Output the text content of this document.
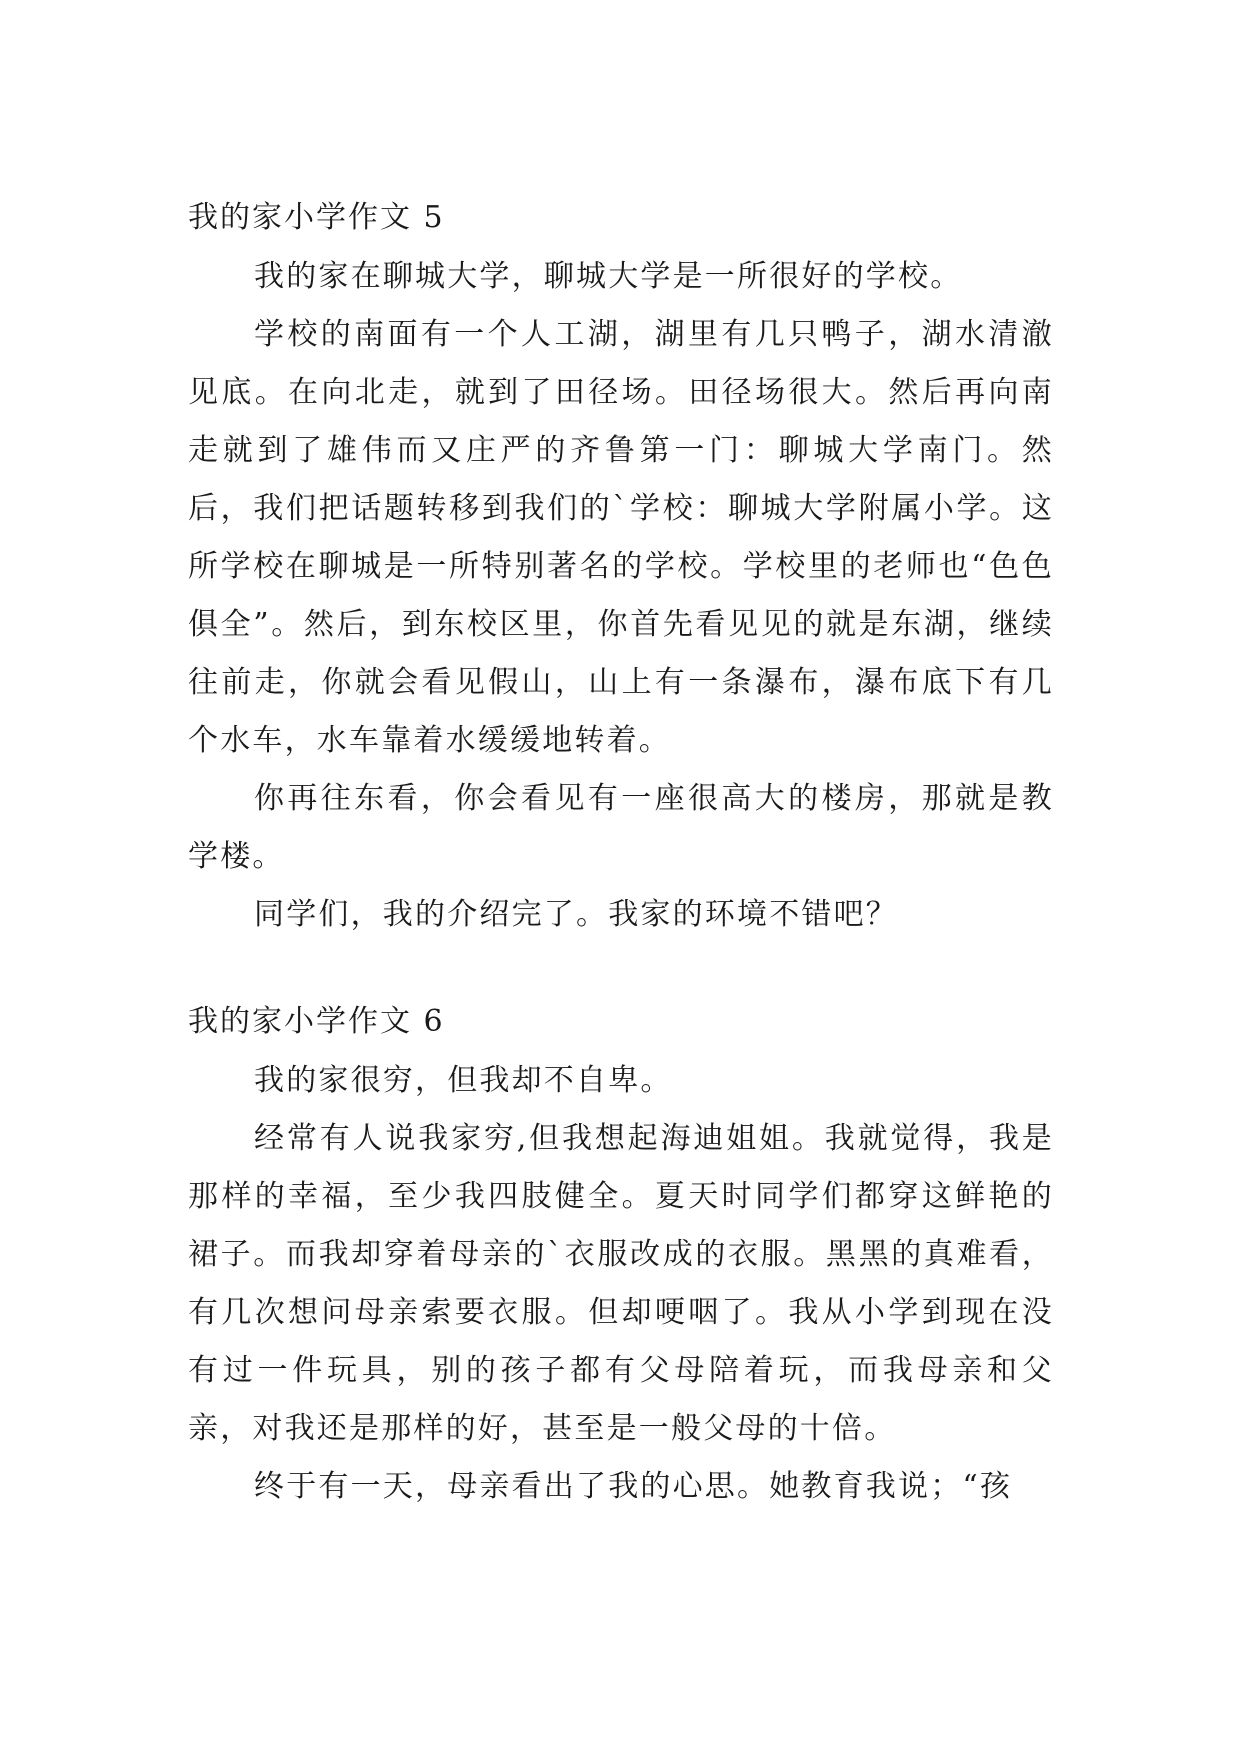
我的家小学作文 5

我的家在聊城大学，聊城大学是一所很好的学校。

学校的南面有一个人工湖，湖里有几只鸭子，湖水清澈见底。在向北走，就到了田径场。田径场很大。然后再向南走就到了雄伟而又庄严的齐鲁第一门：聊城大学南门。然后，我们把话题转移到我们的`学校：聊城大学附属小学。这所学校在聊城是一所特别著名的学校。学校里的老师也“色色俱全”。然后，到东校区里，你首先看见见的就是东湖，继续往前走，你就会看见假山，山上有一条瀑布，瀑布底下有几个水车，水车靠着水缓缓地转着。

你再往东看，你会看见有一座很高大的楼房，那就是教学楼。

同学们，我的介绍完了。我家的环境不错吧？

我的家小学作文 6

我的家很穷，但我却不自卑。

经常有人说我家穷,但我想起海迪姐姐。我就觉得，我是那样的幸福，至少我四肢健全。夏天时同学们都穿这鲜艳的裙子。而我却穿着母亲的`衣服改成的衣服。黑黑的真难看，有几次想问母亲索要衣服。但却哽咽了。我从小学到现在没有过一件玩具，别的孩子都有父母陪着玩，而我母亲和父亲，对我还是那样的好，甚至是一般父母的十倍。

终于有一天，母亲看出了我的心思。她教育我说；“孩
